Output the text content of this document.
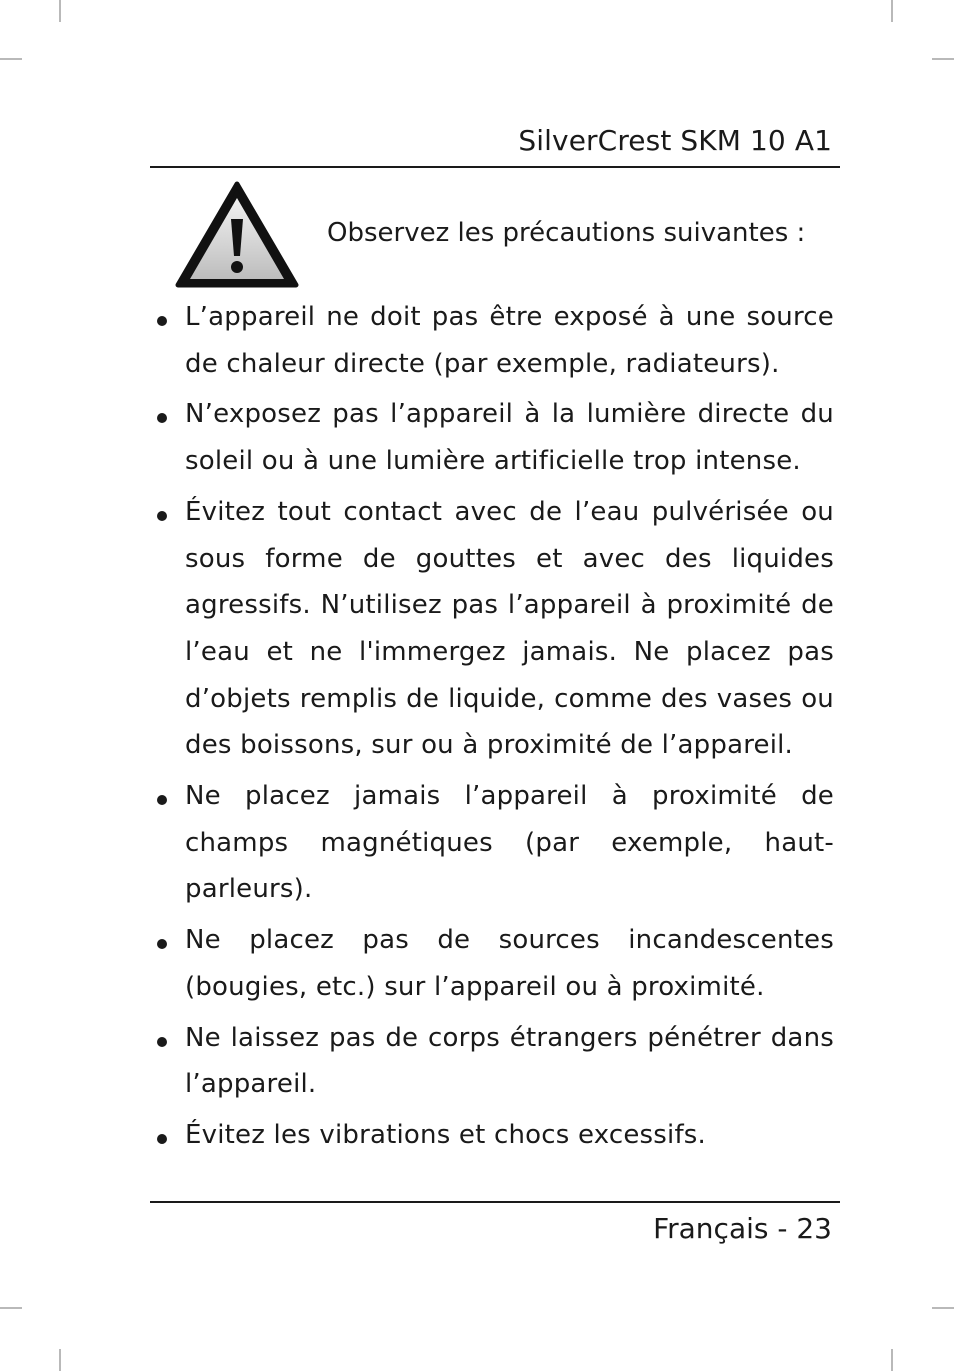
SilverCrest SKM 10 A1
Observez les précautions suivantes :
L’appareil ne doit pas être exposé à une source de chaleur directe (par exemple, radiateurs).
N’exposez pas l’appareil à la lumière directe du soleil ou à une lumière artificielle trop intense.
Évitez tout contact avec de l’eau pulvérisée ou sous forme de gouttes et avec des liquides agressifs. N’utilisez pas l’appareil à proximité de l’eau et ne l'immergez jamais. Ne placez pas d’objets remplis de liquide, comme des vases ou des boissons, sur ou à proximité de l’appareil.
Ne placez jamais l’appareil à proximité de champs magnétiques (par exemple, haut-parleurs).
Ne placez pas de sources incandescentes (bougies, etc.) sur l’appareil ou à proximité.
Ne laissez pas de corps étrangers pénétrer dans l’appareil.
Évitez les vibrations et chocs excessifs.
Français - 23
